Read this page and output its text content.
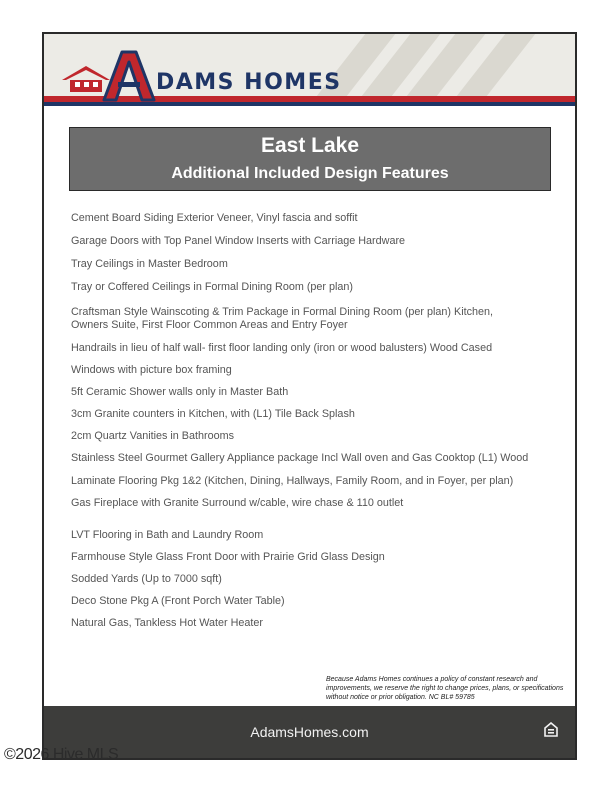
DAMS HOMES
East Lake
Additional Included Design Features
Cement Board Siding Exterior Veneer, Vinyl fascia and soffit
Garage Doors with Top Panel Window Inserts with Carriage Hardware
Tray Ceilings in Master Bedroom
Tray or Coffered Ceilings in Formal Dining Room (per plan)
Craftsman Style Wainscoting & Trim Package in Formal Dining Room (per plan) Kitchen, Owners Suite, First Floor Common Areas and Entry Foyer
Handrails in lieu of half wall- first floor landing only (iron or wood balusters) Wood Cased
Windows with picture box framing
5ft Ceramic Shower walls only in Master Bath
3cm Granite counters in Kitchen, with (L1) Tile Back Splash
2cm Quartz Vanities in Bathrooms
Stainless Steel Gourmet Gallery Appliance package Incl Wall oven and Gas Cooktop (L1) Wood
Laminate Flooring Pkg 1&2 (Kitchen, Dining, Hallways, Family Room, and in Foyer, per plan)
Gas Fireplace with Granite Surround w/cable, wire chase & 110 outlet
LVT Flooring in Bath and Laundry Room
Farmhouse Style Glass Front Door with Prairie Grid Glass Design
Sodded Yards (Up to 7000 sqft)
Deco Stone Pkg A (Front Porch Water Table)
Natural Gas, Tankless Hot Water Heater
Because Adams Homes continues a policy of constant research and improvements, we reserve the right to change prices, plans, or specifications without notice or prior obligation. NC BL# 59785
AdamsHomes.com
©2026 Hive MLS
